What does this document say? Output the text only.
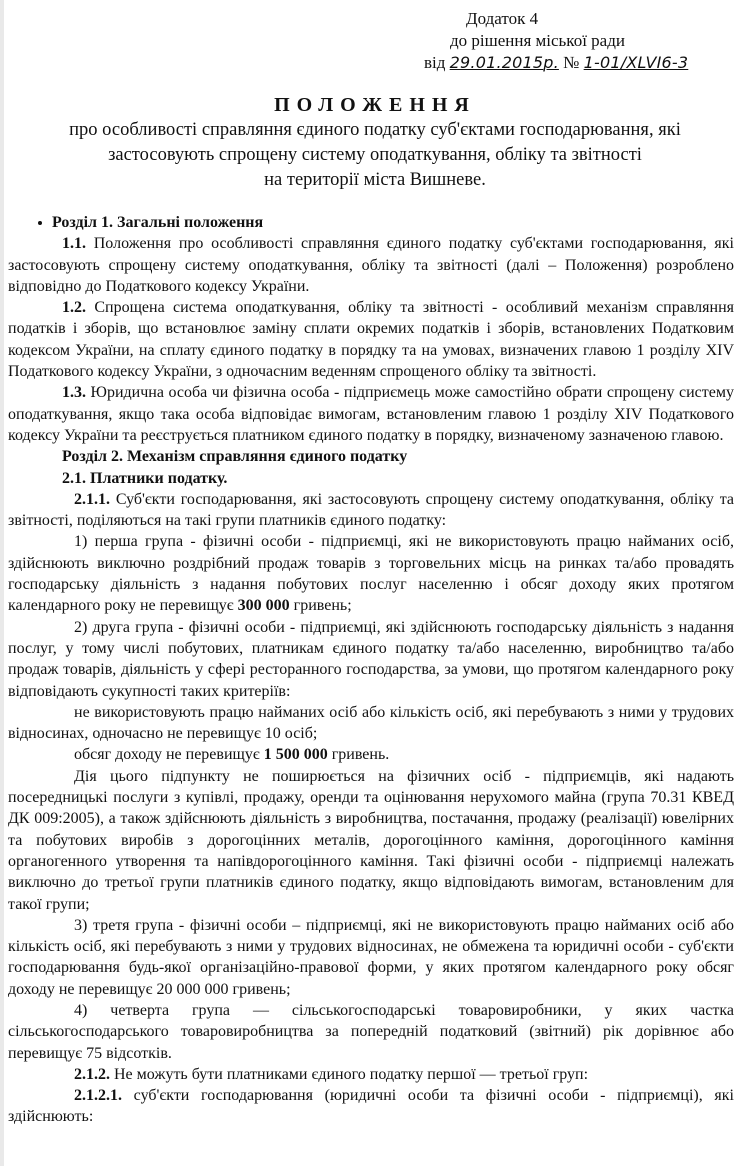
Додаток 4
до рішення міської ради
від 29.01.2015р. № 1-01/XLVI6-3
ПОЛОЖЕННЯ
про особливості справляння єдиного податку суб'єктами господарювання, які
застосовують спрощену систему оподаткування, обліку та звітності
на території міста Вишневе.

Розділ 1. Загальні положення

1.1. Положення про особливості справляння єдиного податку суб'єктами господарювання, які застосовують спрощену систему оподаткування, обліку та звітності (далі – Положення) розроблено відповідно до Податкового кодексу України.

1.2. Спрощена система оподаткування, обліку та звітності - особливий механізм справляння податків і зборів, що встановлює заміну сплати окремих податків і зборів, встановлених Податковим кодексом України, на сплату єдиного податку в порядку та на умовах, визначених главою 1 розділу XIV Податкового кодексу України, з одночасним веденням спрощеного обліку та звітності.

1.3. Юридична особа чи фізична особа - підприємець може самостійно обрати спрощену систему оподаткування, якщо така особа відповідає вимогам, встановленим главою 1 розділу XIV Податкового кодексу України та реєструється платником єдиного податку в порядку, визначеному зазначеною главою.

Розділ 2. Механізм справляння єдиного податку

2.1. Платники податку.

2.1.1. Суб'єкти господарювання, які застосовують спрощену систему оподаткування, обліку та звітності, поділяються на такі групи платників єдиного податку:

1) перша група - фізичні особи - підприємці, які не використовують працю найманих осіб, здійснюють виключно роздрібний продаж товарів з торговельних місць на ринках та/або провадять господарську діяльність з надання побутових послуг населенню і обсяг доходу яких протягом календарного року не перевищує 300 000 гривень;

2) друга група - фізичні особи - підприємці, які здійснюють господарську діяльність з надання послуг, у тому числі побутових, платникам єдиного податку та/або населенню, виробництво та/або продаж товарів, діяльність у сфері ресторанного господарства, за умови, що протягом календарного року відповідають сукупності таких критеріїв:

не використовують працю найманих осіб або кількість осіб, які перебувають з ними у трудових відносинах, одночасно не перевищує 10 осіб;

обсяг доходу не перевищує 1 500 000 гривень.

Дія цього підпункту не поширюється на фізичних осіб - підприємців, які надають посередницькі послуги з купівлі, продажу, оренди та оцінювання нерухомого майна (група 70.31 КВЕД ДК 009:2005), а також здійснюють діяльність з виробництва, постачання, продажу (реалізації) ювелірних та побутових виробів з дорогоцінних металів, дорогоцінного каміння, дорогоцінного каміння органогенного утворення та напівдорогоцінного каміння. Такі фізичні особи - підприємці належать виключно до третьої групи платників єдиного податку, якщо відповідають вимогам, встановленим для такої групи;

3) третя група - фізичні особи – підприємці, які не використовують працю найманих осіб або кількість осіб, які перебувають з ними у трудових відносинах, не обмежена та юридичні особи - суб'єкти господарювання будь-якої організаційно-правової форми, у яких протягом календарного року обсяг доходу не перевищує 20 000 000 гривень;

4) четверта група — сільськогосподарські товаровиробники, у яких частка сільськогосподарського товаровиробництва за попередній податковий (звітний) рік дорівнює або перевищує 75 відсотків.

2.1.2. Не можуть бути платниками єдиного податку першої — третьої груп:

2.1.2.1. суб'єкти господарювання (юридичні особи та фізичні особи - підприємці), які здійснюють:
